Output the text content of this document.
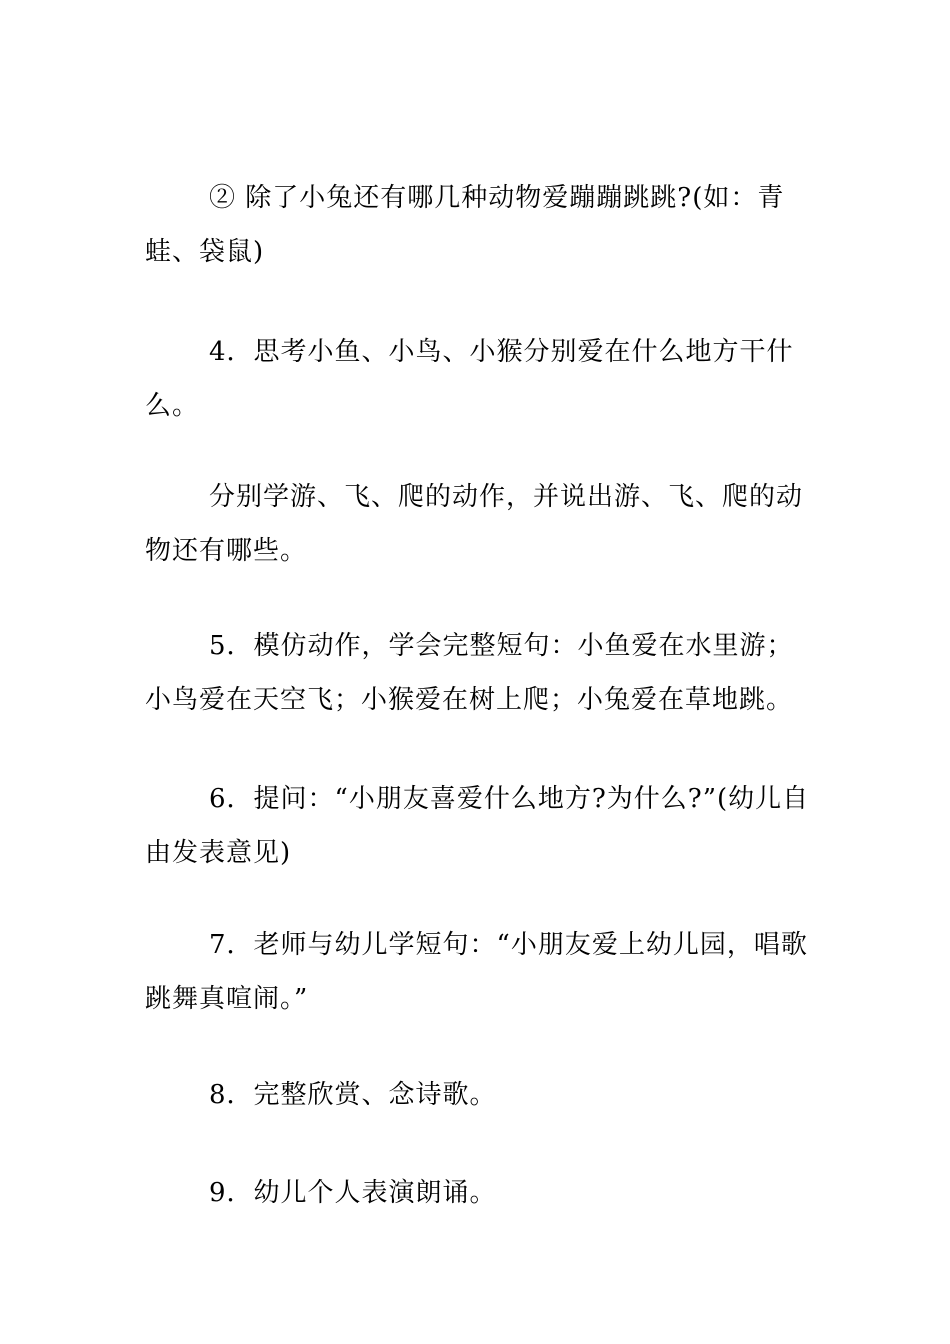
② 除了小兔还有哪几种动物爱蹦蹦跳跳?(如：青蛙、袋鼠)

4．思考小鱼、小鸟、小猴分别爱在什么地方干什么。

分别学游、飞、爬的动作，并说出游、飞、爬的动物还有哪些。

5．模仿动作，学会完整短句：小鱼爱在水里游；小鸟爱在天空飞；小猴爱在树上爬；小兔爱在草地跳。

6．提问：“小朋友喜爱什么地方?为什么?”(幼儿自由发表意见)

7．老师与幼儿学短句：“小朋友爱上幼儿园，唱歌跳舞真喧闹。”

8．完整欣赏、念诗歌。

9．幼儿个人表演朗诵。
